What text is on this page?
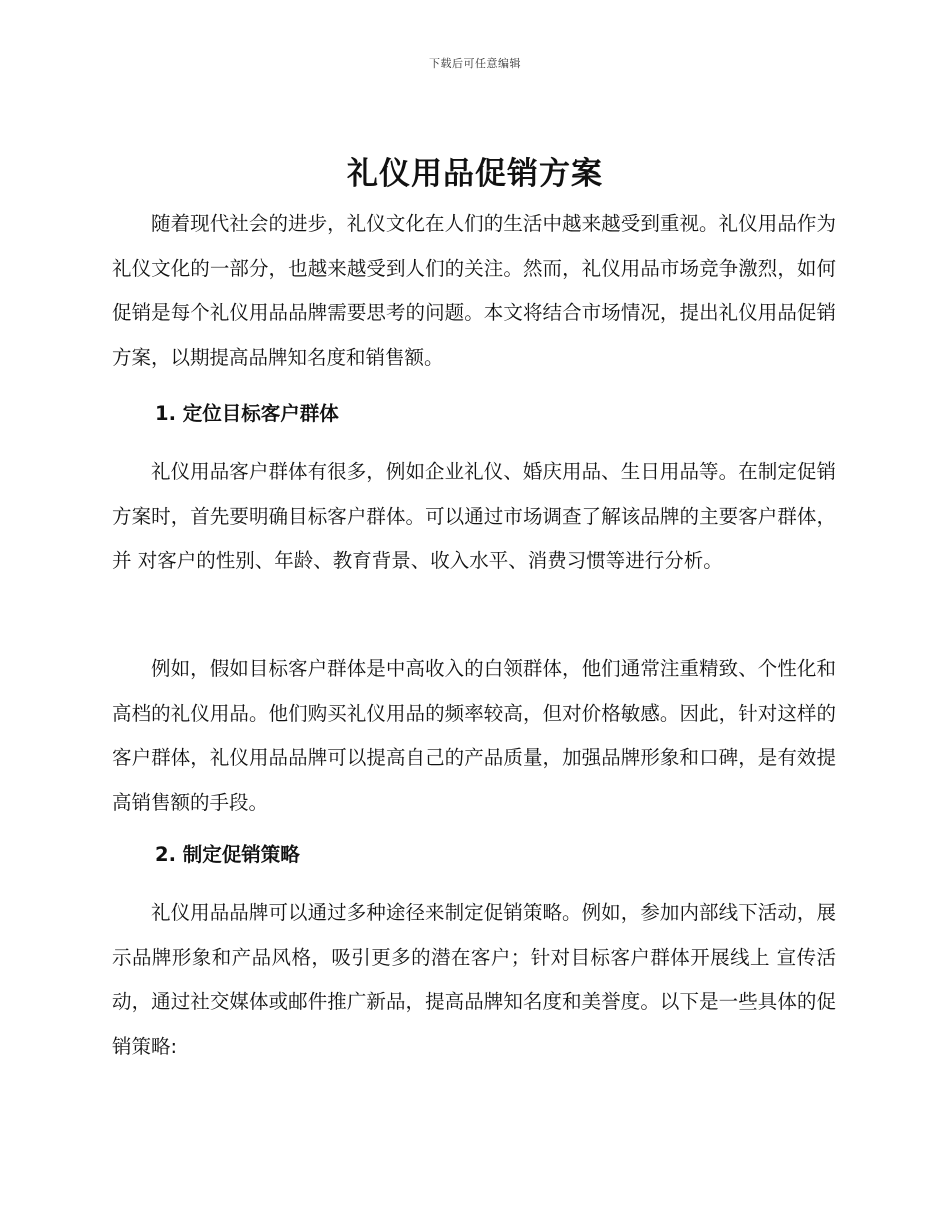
下载后可任意编辑
礼仪用品促销方案

随着现代社会的进步，礼仪文化在人们的生活中越来越受到重视。礼仪用品作为礼仪文化的一部分，也越来越受到人们的关注。然而，礼仪用品市场竞争激烈，如何促销是每个礼仪用品品牌需要思考的问题。本文将结合市场情况，提出礼仪用品促销方案，以期提高品牌知名度和销售额。

1. 定位目标客户群体

礼仪用品客户群体有很多，例如企业礼仪、婚庆用品、生日用品等。在制定促销方案时，首先要明确目标客户群体。可以通过市场调查了解该品牌的主要客户群体，并 对客户的性别、年龄、教育背景、收入水平、消费习惯等进行分析。

例如，假如目标客户群体是中高收入的白领群体，他们通常注重精致、个性化和高档的礼仪用品。他们购买礼仪用品的频率较高，但对价格敏感。因此，针对这样的 客户群体，礼仪用品品牌可以提高自己的产品质量，加强品牌形象和口碑，是有效提高销售额的手段。

2. 制定促销策略

礼仪用品品牌可以通过多种途径来制定促销策略。例如，参加内部线下活动，展示品牌形象和产品风格，吸引更多的潜在客户；针对目标客户群体开展线上 宣传活动，通过社交媒体或邮件推广新品，提高品牌知名度和美誉度。以下是一些具体的促销策略:
